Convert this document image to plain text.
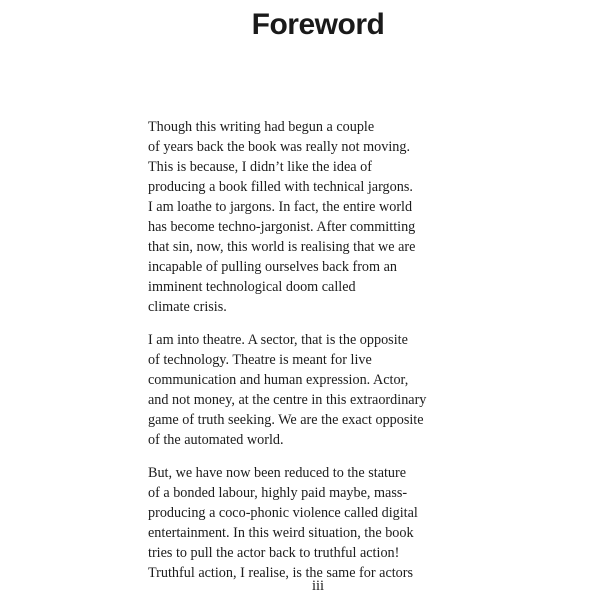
Foreword

Though this writing had begun a couple
of years back the book was really not moving.
This is because, I didn’t like the idea of
producing a book filled with technical jargons.
I am loathe to jargons. In fact, the entire world
has become techno-jargonist. After committing
that sin, now, this world is realising that we are
incapable of pulling ourselves back from an
imminent technological doom called
climate crisis.

I am into theatre. A sector, that is the opposite
of technology. Theatre is meant for live
communication and human expression. Actor,
and not money, at the centre in this extraordinary
game of truth seeking. We are the exact opposite
of the automated world.

But, we have now been reduced to the stature
of a bonded labour, highly paid maybe, mass-
producing a coco-phonic violence called digital
entertainment. In this weird situation, the book
tries to pull the actor back to truthful action!
Truthful action, I realise, is the same for actors

iii
